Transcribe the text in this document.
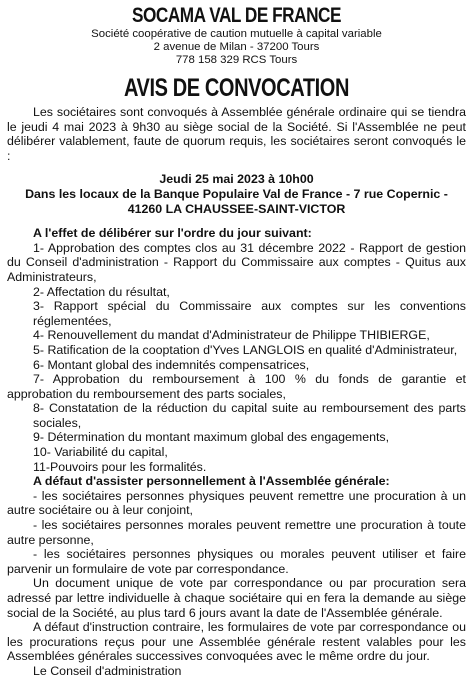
SOCAMA VAL DE FRANCE
Société coopérative de caution mutuelle à capital variable
2 avenue de Milan - 37200 Tours
778 158 329 RCS Tours
AVIS DE CONVOCATION

Les sociétaires sont convoqués à Assemblée générale ordinaire qui se tiendra le jeudi 4 mai 2023 à 9h30 au siège social de la Société. Si l'Assemblée ne peut délibérer valablement, faute de quorum requis, les sociétaires seront convoqués le :

Jeudi 25 mai 2023 à 10h00
Dans les locaux de la Banque Populaire Val de France - 7 rue Copernic - 41260 LA CHAUSSEE-SAINT-VICTOR

A l'effet de délibérer sur l'ordre du jour suivant:

1- Approbation des comptes clos au 31 décembre 2022 - Rapport de gestion du Conseil d'administration - Rapport du Commissaire aux comptes - Quitus aux Administrateurs,

2- Affectation du résultat,

3- Rapport spécial du Commissaire aux comptes sur les conventions réglementées,

4- Renouvellement du mandat d'Administrateur de Philippe THIBIERGE,

5- Ratification de la cooptation d'Yves LANGLOIS en qualité d'Administrateur,

6- Montant global des indemnités compensatrices,

7- Approbation du remboursement à 100 % du fonds de garantie et approbation du remboursement des parts sociales,

8- Constatation de la réduction du capital suite au remboursement des parts sociales,

9- Détermination du montant maximum global des engagements,

10- Variabilité du capital,

11-Pouvoirs pour les formalités.

A défaut d'assister personnellement à l'Assemblée générale:

- les sociétaires personnes physiques peuvent remettre une procuration à un autre sociétaire ou à leur conjoint,

- les sociétaires personnes morales peuvent remettre une procuration à toute autre personne,

- les sociétaires personnes physiques ou morales peuvent utiliser et faire parvenir un formulaire de vote par correspondance.

Un document unique de vote par correspondance ou par procuration sera adressé par lettre individuelle à chaque sociétaire qui en fera la demande au siège social de la Société, au plus tard 6 jours avant la date de l'Assemblée générale.

A défaut d'instruction contraire, les formulaires de vote par correspondance ou les procurations reçus pour une Assemblée générale restent valables pour les Assemblées générales successives convoquées avec le même ordre du jour.

Le Conseil d'administration
